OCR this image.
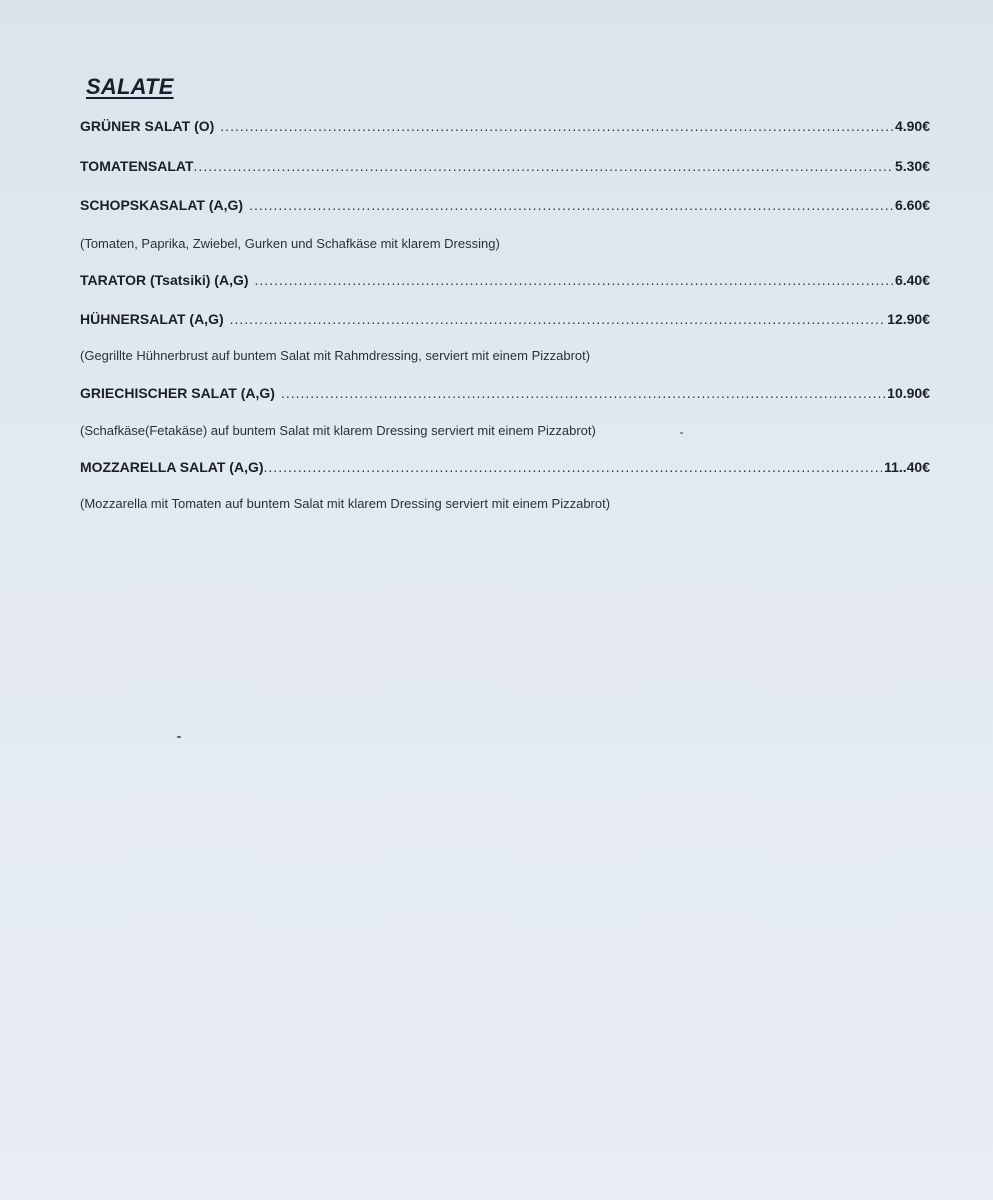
SALATE
GRÜNER SALAT (O) .....	4.90€
TOMATENSALAT .....	5.30€
SCHOPSKASALAT (A,G) .....	6.60€

(Tomaten, Paprika, Zwiebel, Gurken und Schafkäse mit klarem Dressing)

TARATOR (Tsatsiki) (A,G) .....	6.40€
HÜHNERSALAT (A,G) .....	12.90€

(Gegrillte Hühnerbrust auf buntem Salat mit Rahmdressing, serviert mit einem Pizzabrot)

GRIECHISCHER SALAT (A,G) .....	10.90€

(Schafkäse(Fetakäse) auf buntem Salat mit klarem Dressing serviert mit einem Pizzabrot)

MOZZARELLA SALAT (A,G) .....	11..40€

(Mozzarella mit Tomaten auf buntem Salat mit klarem Dressing serviert mit einem Pizzabrot)
